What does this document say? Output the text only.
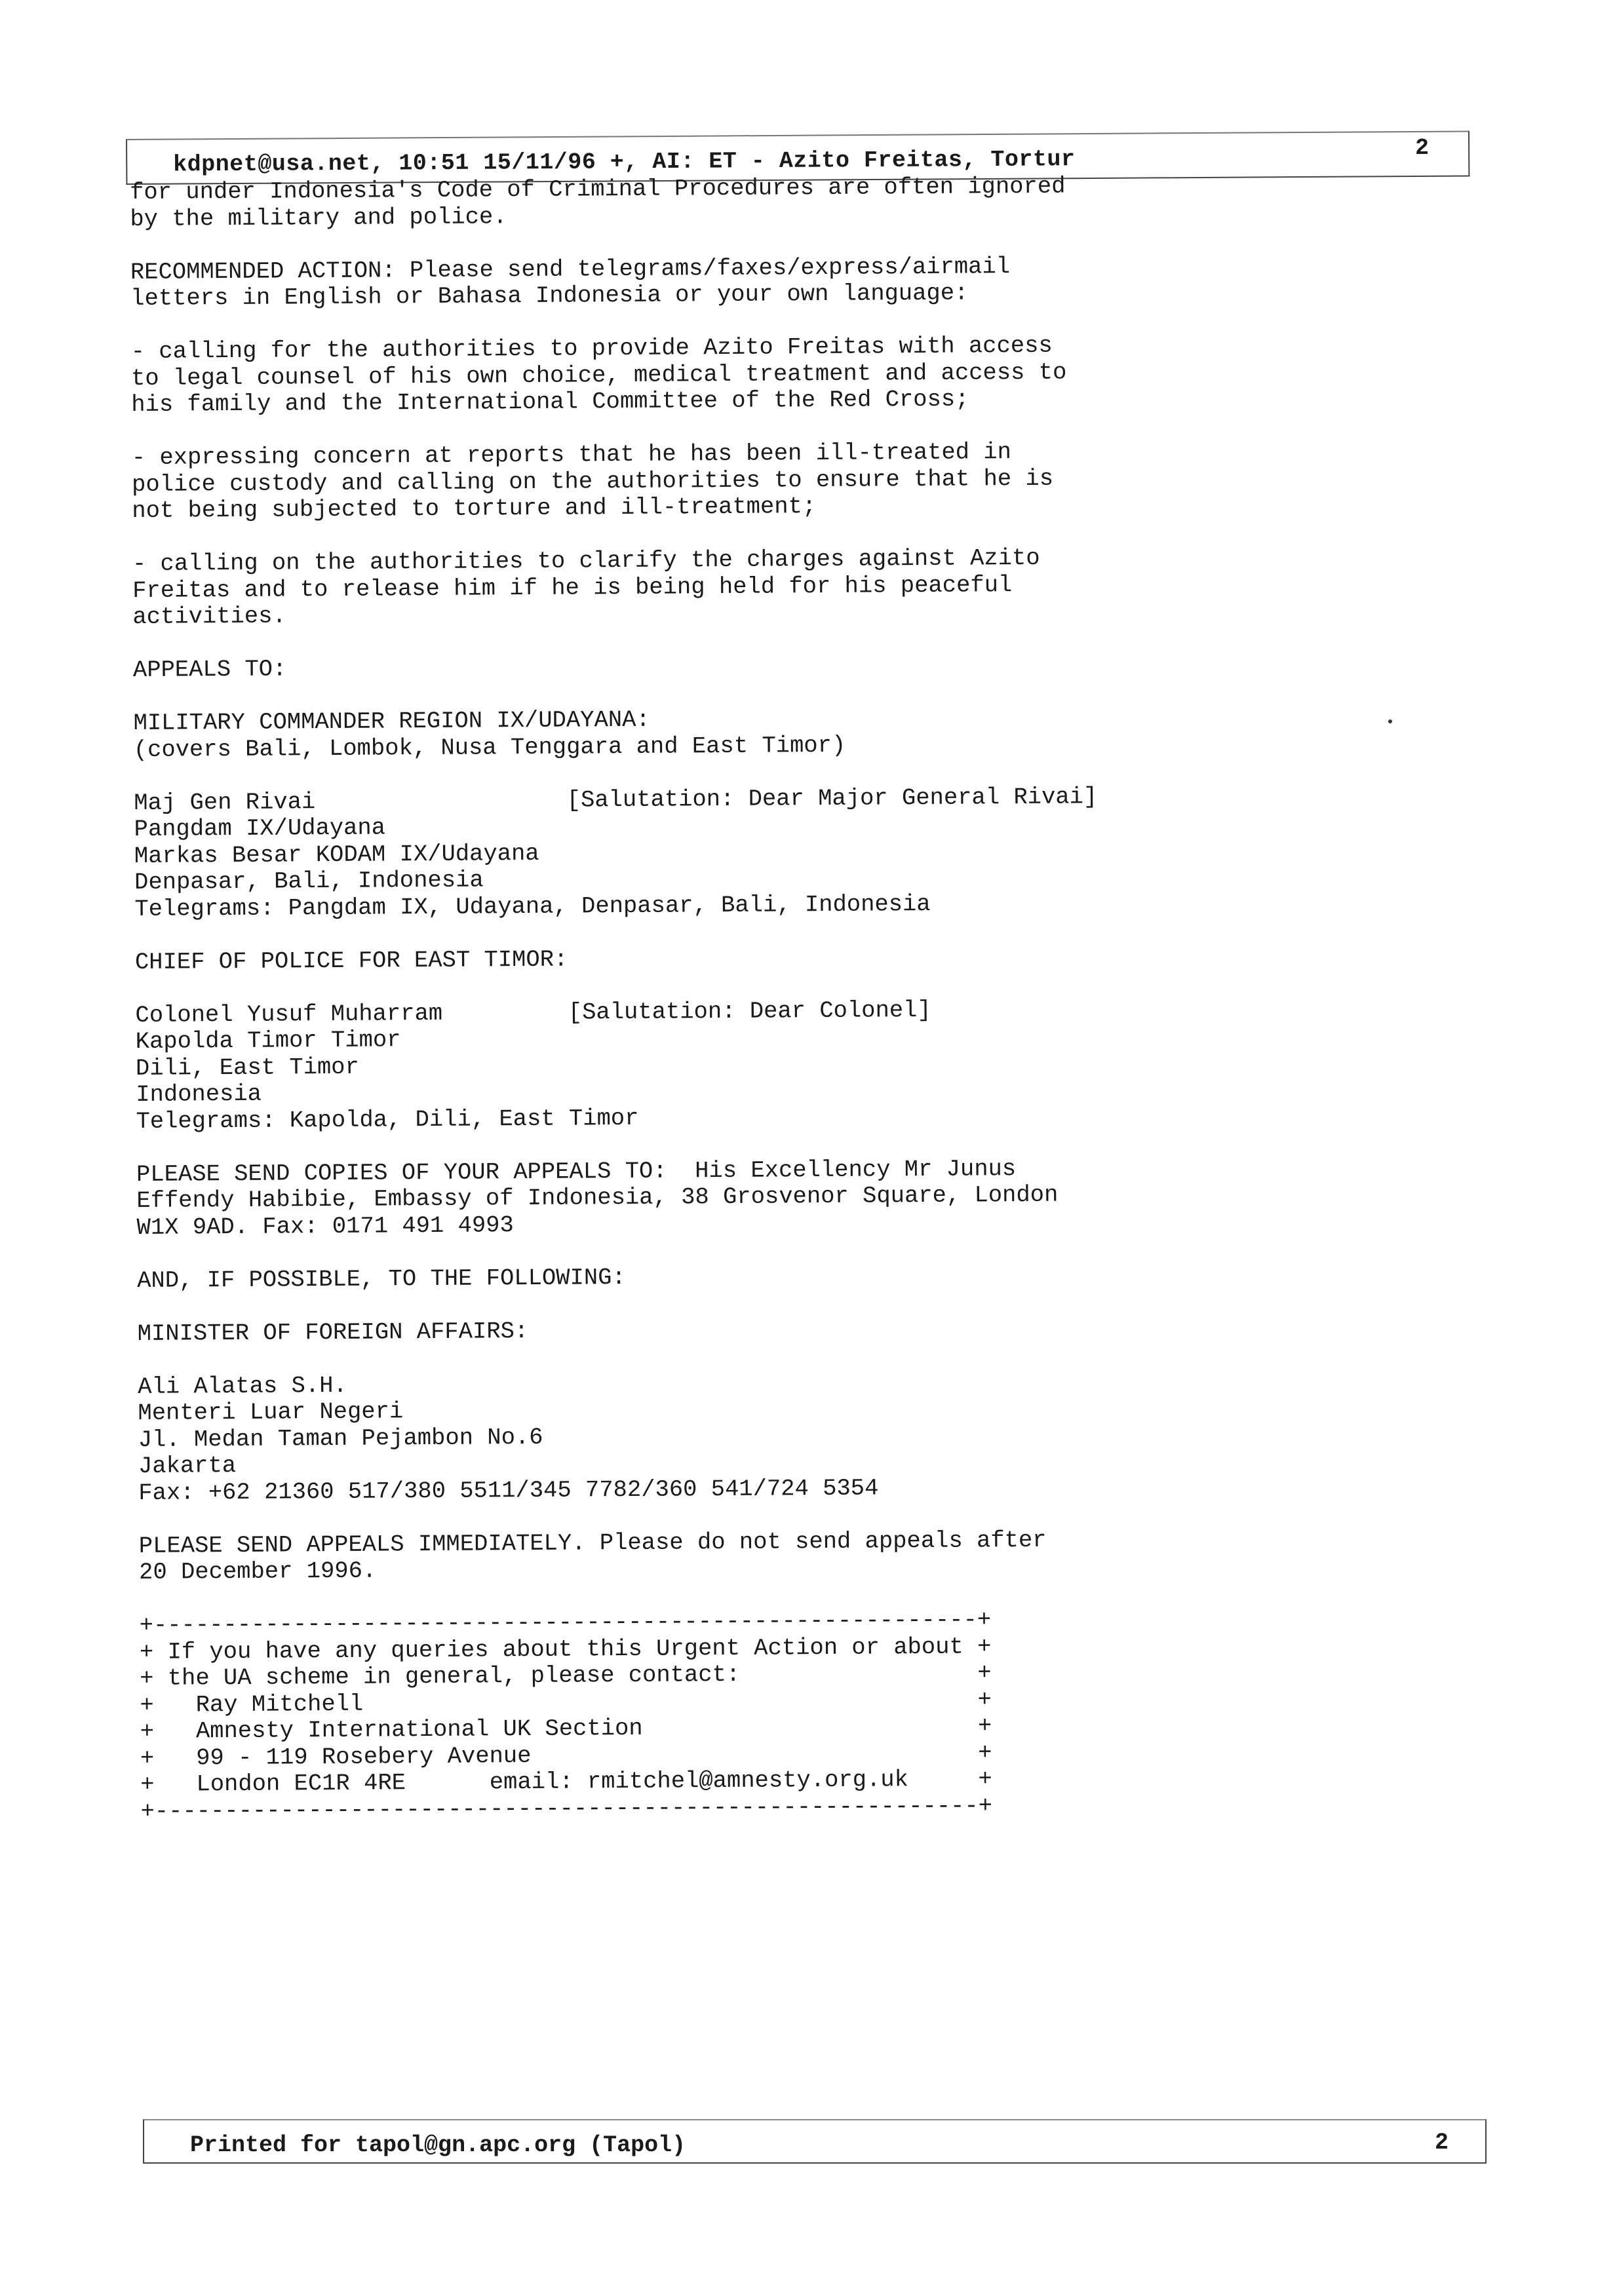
kdpnet@usa.net, 10:51 15/11/96 +, AI: ET - Azito Freitas, Tortur	2
for under Indonesia's Code of Criminal Procedures are often ignored
by the military and police.
RECOMMENDED ACTION: Please send telegrams/faxes/express/airmail
letters in English or Bahasa Indonesia or your own language:
- calling for the authorities to provide Azito Freitas with access
to legal counsel of his own choice, medical treatment and access to
his family and the International Committee of the Red Cross;
- expressing concern at reports that he has been ill-treated in
police custody and calling on the authorities to ensure that he is
not being subjected to torture and ill-treatment;
- calling on the authorities to clarify the charges against Azito
Freitas and to release him if he is being held for his peaceful
activities.
APPEALS TO:
MILITARY COMMANDER REGION IX/UDAYANA:
(covers Bali, Lombok, Nusa Tenggara and East Timor)
Maj Gen Rivai                  [Salutation: Dear Major General Rivai]
Pangdam IX/Udayana
Markas Besar KODAM IX/Udayana
Denpasar, Bali, Indonesia
Telegrams: Pangdam IX, Udayana, Denpasar, Bali, Indonesia
CHIEF OF POLICE FOR EAST TIMOR:
Colonel Yusuf Muharram         [Salutation: Dear Colonel]
Kapolda Timor Timor
Dili, East Timor
Indonesia
Telegrams: Kapolda, Dili, East Timor
PLEASE SEND COPIES OF YOUR APPEALS TO:  His Excellency Mr Junus
Effendy Habibie, Embassy of Indonesia, 38 Grosvenor Square, London
W1X 9AD. Fax: 0171 491 4993
AND, IF POSSIBLE, TO THE FOLLOWING:
MINISTER OF FOREIGN AFFAIRS:
Ali Alatas S.H.
Menteri Luar Negeri
Jl. Medan Taman Pejambon No.6
Jakarta
Fax: +62 21360 517/380 5511/345 7782/360 541/724 5354
PLEASE SEND APPEALS IMMEDIATELY. Please do not send appeals after
20 December 1996.
+-----------------------------------------------------------+
+ If you have any queries about this Urgent Action or about +
+ the UA scheme in general, please contact:                 +
+   Ray Mitchell                                            +
+   Amnesty International UK Section                        +
+   99 - 119 Rosebery Avenue                                +
+   London EC1R 4RE      email: rmitchel@amnesty.org.uk     +
+-----------------------------------------------------------+
Printed for tapol@gn.apc.org (Tapol)	2
